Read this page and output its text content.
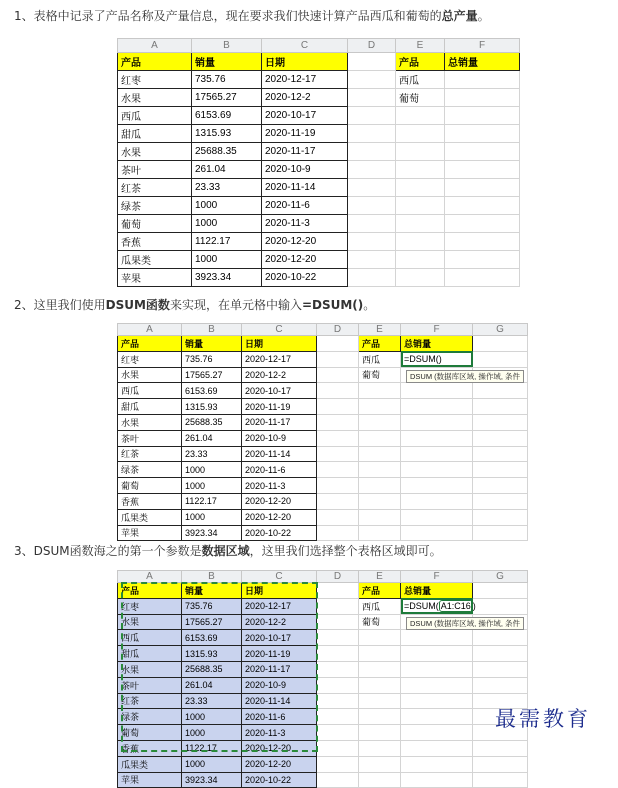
1、表格中记录了产品名称及产量信息，现在要求我们快速计算产品西瓜和葡萄的总产量。
2、这里我们使用DSUM函数来实现，在单元格中输入=DSUM()。
3、DSUM函数海之的第一个参数是数据区域，这里我们选择整个表格区域即可。
A	B	C	D	E	F
产品	销量	日期		产品	总销量
红枣	735.76	2020-12-17		西瓜	
水果	17565.27	2020-12-2		葡萄	
西瓜	6153.69	2020-10-17			
甜瓜	1315.93	2020-11-19			
水果	25688.35	2020-11-17			
茶叶	261.04	2020-10-9			
红茶	23.33	2020-11-14			
绿茶	1000	2020-11-6			
葡萄	1000	2020-11-3			
香蕉	1122.17	2020-12-20			
瓜果类	1000	2020-12-20			
苹果	3923.34	2020-10-22			
A	B	C	D	E	F	G
产品	销量	日期		产品	总销量	
红枣	735.76	2020-12-17		西瓜	=DSUM()	
水果	17565.27	2020-12-2		葡萄		
西瓜	6153.69	2020-10-17				
甜瓜	1315.93	2020-11-19				
水果	25688.35	2020-11-17				
茶叶	261.04	2020-10-9				
红茶	23.33	2020-11-14				
绿茶	1000	2020-11-6				
葡萄	1000	2020-11-3				
香蕉	1122.17	2020-12-20				
瓜果类	1000	2020-12-20				
苹果	3923.34	2020-10-22				
DSUM (数据库区域, 操作域, 条件
A	B	C	D	E	F	G
产品	销量	日期		产品	总销量	
红枣	735.76	2020-12-17		西瓜	=DSUM( A1:C16 )	
水果	17565.27	2020-12-2		葡萄		
西瓜	6153.69	2020-10-17				
甜瓜	1315.93	2020-11-19				
水果	25688.35	2020-11-17				
茶叶	261.04	2020-10-9				
红茶	23.33	2020-11-14				
绿茶	1000	2020-11-6				
葡萄	1000	2020-11-3				
香蕉	1122.17	2020-12-20				
瓜果类	1000	2020-12-20				
苹果	3923.34	2020-10-22				
DSUM (数据库区域, 操作域, 条件
最需教育
